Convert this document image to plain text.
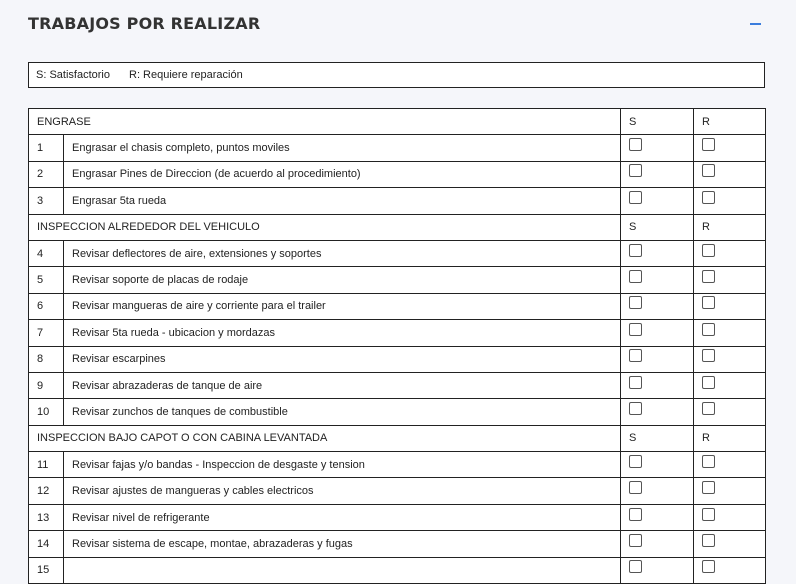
TRABAJOS POR REALIZAR
S: Satisfactorio R: Requiere reparación
ENGRASE		S	R
1	Engrasar el chasis completo, puntos moviles		
2	Engrasar Pines de Direccion (de acuerdo al procedimiento)		
3	Engrasar 5ta rueda		
INSPECCION ALREDEDOR DEL VEHICULO		S	R
4	Revisar deflectores de aire, extensiones y soportes		
5	Revisar soporte de placas de rodaje		
6	Revisar mangueras de aire y corriente para el trailer		
7	Revisar 5ta rueda - ubicacion y mordazas		
8	Revisar escarpines		
9	Revisar abrazaderas de tanque de aire		
10	Revisar zunchos de tanques de combustible		
INSPECCION BAJO CAPOT O CON CABINA LEVANTADA		S	R
11	Revisar fajas y/o bandas - Inspeccion de desgaste y tension		
12	Revisar ajustes de mangueras y cables electricos		
13	Revisar nivel de refrigerante		
14	Revisar sistema de escape, montae, abrazaderas y fugas		
15			
